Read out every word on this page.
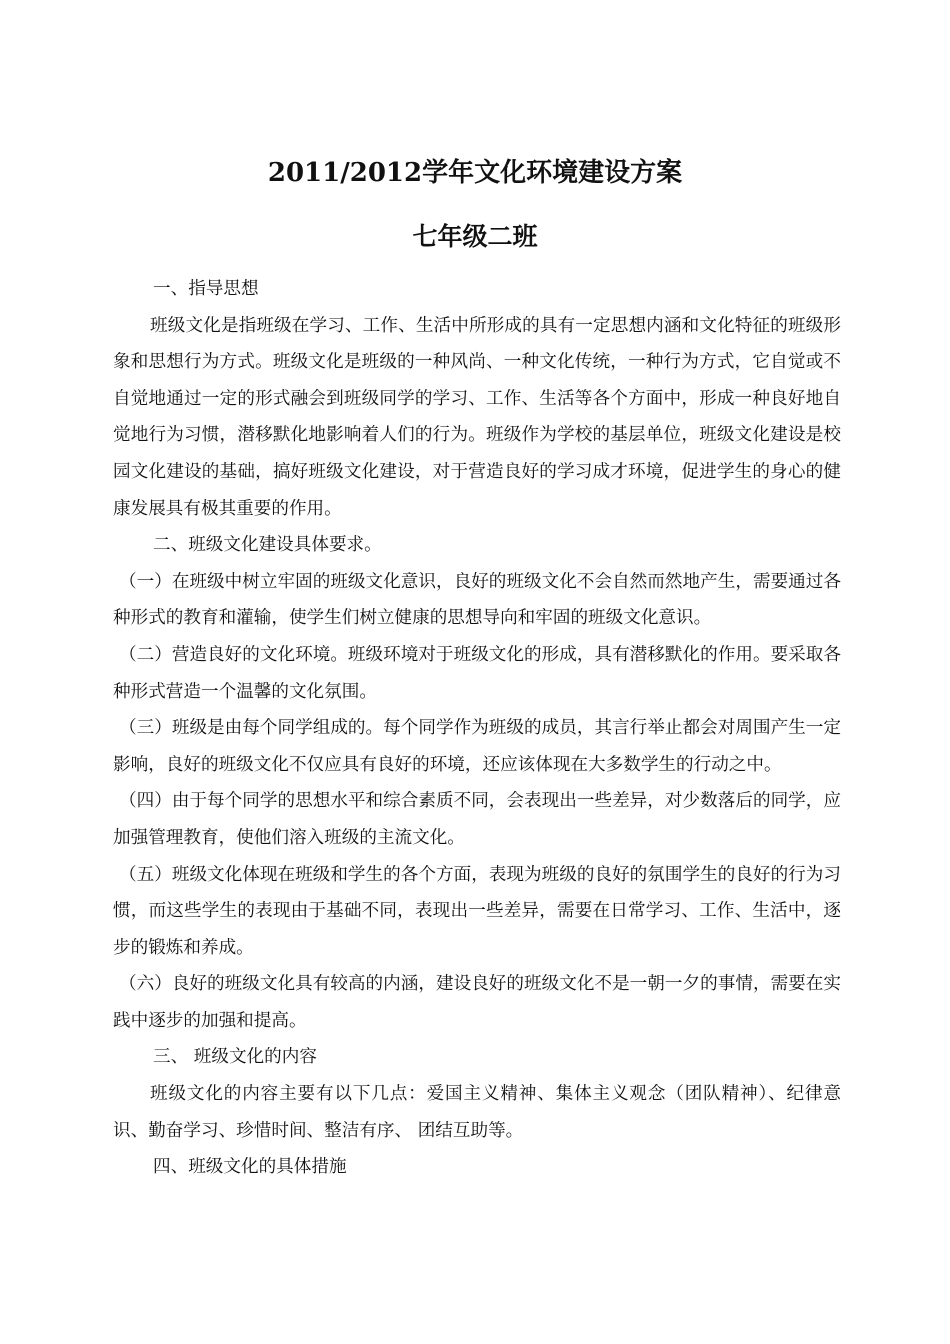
2011/2012学年文化环境建设方案
七年级二班

一、指导思想

班级文化是指班级在学习、工作、生活中所形成的具有一定思想内涵和文化特征的班级形象和思想行为方式。班级文化是班级的一种风尚、一种文化传统，一种行为方式，它自觉或不自觉地通过一定的形式融会到班级同学的学习、工作、生活等各个方面中，形成一种良好地自觉地行为习惯，潜移默化地影响着人们的行为。班级作为学校的基层单位，班级文化建设是校园文化建设的基础，搞好班级文化建设，对于营造良好的学习成才环境，促进学生的身心的健康发展具有极其重要的作用。

二、班级文化建设具体要求。

（一）在班级中树立牢固的班级文化意识，良好的班级文化不会自然而然地产生，需要通过各种形式的教育和灌输，使学生们树立健康的思想导向和牢固的班级文化意识。

（二）营造良好的文化环境。班级环境对于班级文化的形成，具有潜移默化的作用。要采取各种形式营造一个温馨的文化氛围。

（三）班级是由每个同学组成的。每个同学作为班级的成员，其言行举止都会对周围产生一定影响，良好的班级文化不仅应具有良好的环境，还应该体现在大多数学生的行动之中。

（四）由于每个同学的思想水平和综合素质不同，会表现出一些差异，对少数落后的同学，应加强管理教育，使他们溶入班级的主流文化。

（五）班级文化体现在班级和学生的各个方面，表现为班级的良好的氛围学生的良好的行为习惯，而这些学生的表现由于基础不同，表现出一些差异，需要在日常学习、工作、生活中，逐步的锻炼和养成。

（六）良好的班级文化具有较高的内涵，建设良好的班级文化不是一朝一夕的事情，需要在实践中逐步的加强和提高。

三、 班级文化的内容

班级文化的内容主要有以下几点：爱国主义精神、集体主义观念（团队精神）、纪律意识、勤奋学习、珍惜时间、整洁有序、 团结互助等。

四、班级文化的具体措施
